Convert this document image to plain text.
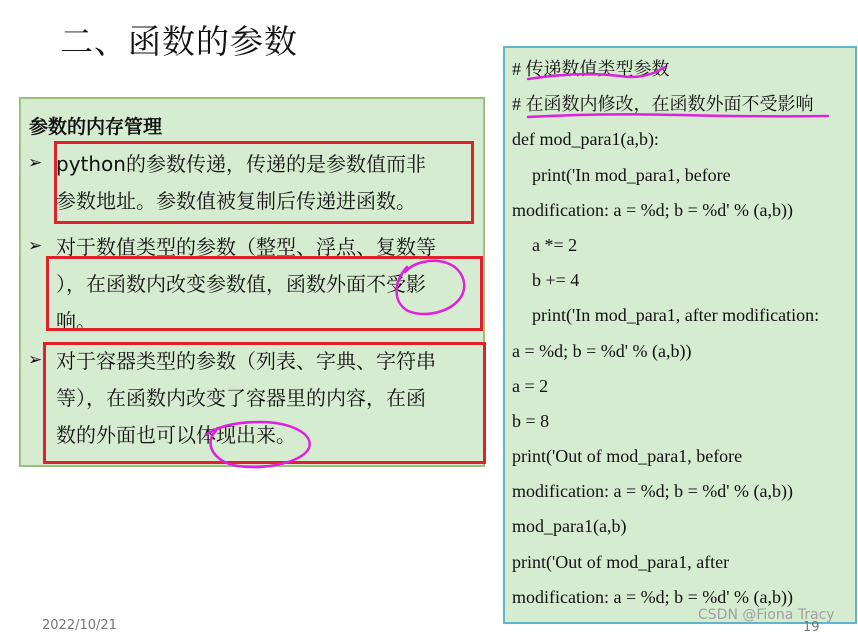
二、函数的参数
参数的内存管理
➢ python的参数传递，传递的是参数值而非
参数地址。参数值被复制后传递进函数。
➢ 对于数值类型的参数（整型、浮点、复数等
），在函数内改变参数值，函数外面不受影
响。
➢ 对于容器类型的参数（列表、字典、字符串
等），在函数内改变了容器里的内容，在函
数的外面也可以体现出来。
# 传递数值类型参数
# 在函数内修改，在函数外面不受影响
def mod_para1(a,b):
print('In mod_para1, before
modification: a = %d; b = %d' % (a,b))
a *= 2
b += 4
print('In mod_para1, after modification:
a = %d; b = %d' % (a,b))
a = 2
b = 8
print('Out of mod_para1, before
modification: a = %d; b = %d' % (a,b))
mod_para1(a,b)
print('Out of mod_para1, after
modification: a = %d; b = %d' % (a,b))
2022/10/21	19
CSDN @Fiona Tracy
